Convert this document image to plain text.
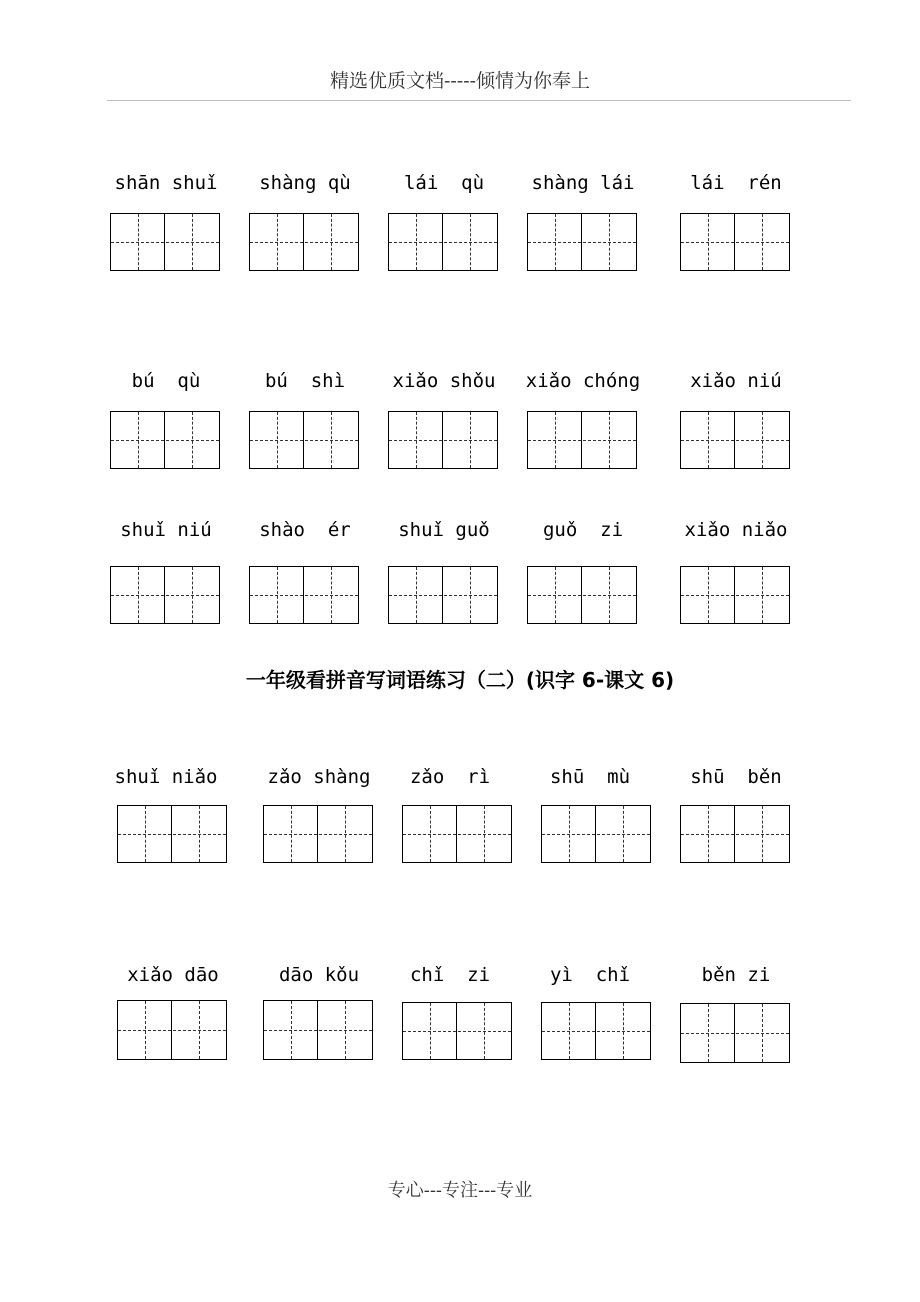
精选优质文档-----倾情为你奉上
shān shuǐ	shàng qù	lái  qù	shàng lái	lái  rén
bú  qù	bú  shì	xiǎo shǒu	xiǎo chóng	xiǎo niú
shuǐ niú	shào  ér	shuǐ guǒ	guǒ  zi	xiǎo niǎo
一年级看拼音写词语练习（二）(识字 6-课文 6)
shuǐ niǎo	zǎo shàng	zǎo  rì	shū  mù	shū  běn
xiǎo dāo	dāo kǒu	chǐ  zi	yì  chǐ	běn zi
专心---专注---专业
